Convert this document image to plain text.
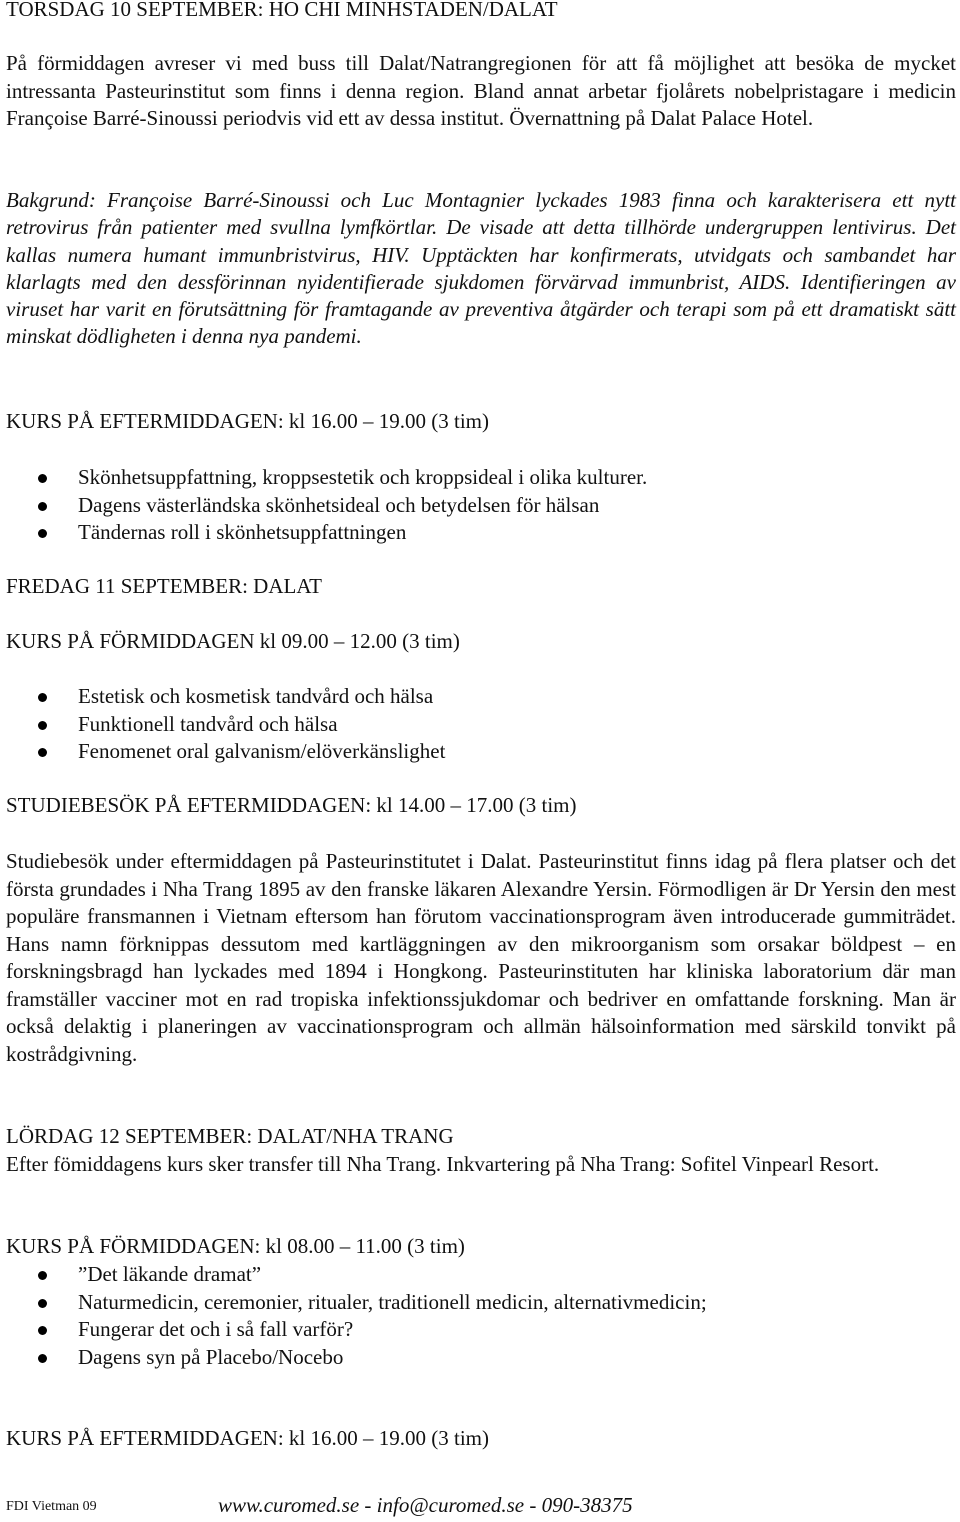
TORSDAG 10 SEPTEMBER: HO CHI MINHSTADEN/DALAT
På förmiddagen avreser vi med buss till Dalat/Natrangregionen för att få möjlighet att besöka de mycket intressanta Pasteurinstitut som finns i denna region. Bland annat arbetar fjolårets nobelpristagare i medicin Françoise Barré-Sinoussi periodvis vid ett av dessa institut. Övernattning på Dalat Palace Hotel.
Bakgrund: Françoise Barré-Sinoussi och Luc Montagnier lyckades 1983 finna och karakterisera ett nytt retrovirus från patienter med svullna lymfkörtlar. De visade att detta tillhörde undergruppen lentivirus. Det kallas numera humant immunbristvirus, HIV. Upptäckten har konfirmerats, utvidgats och sambandet har klarlagts med den dessförinnan nyidentifierade sjukdomen förvärvad immunbrist, AIDS. Identifieringen av viruset har varit en förutsättning för framtagande av preventiva åtgärder och terapi som på ett dramatiskt sätt minskat dödligheten i denna nya pandemi.
KURS PÅ EFTERMIDDAGEN: kl 16.00 – 19.00 (3 tim)
Skönhetsuppfattning, kroppsestetik och kroppsideal i olika kulturer.
Dagens västerländska skönhetsideal och betydelsen för hälsan
Tändernas roll i skönhetsuppfattningen
FREDAG 11 SEPTEMBER: DALAT
KURS PÅ FÖRMIDDAGEN kl 09.00 – 12.00 (3 tim)
Estetisk och kosmetisk tandvård och hälsa
Funktionell tandvård och hälsa
Fenomenet oral galvanism/elöverkänslighet
STUDIEBESÖK PÅ EFTERMIDDAGEN: kl 14.00 – 17.00 (3 tim)
Studiebesök under eftermiddagen på Pasteurinstitutet i Dalat. Pasteurinstitut finns idag på flera platser och det första grundades i Nha Trang 1895 av den franske läkaren Alexandre Yersin. Förmodligen är Dr Yersin den mest populäre fransmannen i Vietnam eftersom han förutom vaccinationsprogram även introducerade gummiträdet. Hans namn förknippas dessutom med kartläggningen av den mikroorganism som orsakar böldpest – en forskningsbragd han lyckades med 1894 i Hongkong. Pasteurinstituten har kliniska laboratorium där man framställer vacciner mot en rad tropiska infektionssjukdomar och bedriver en omfattande forskning. Man är också delaktig i planeringen av vaccinationsprogram och allmän hälsoinformation med särskild tonvikt på kostrådgivning.
LÖRDAG 12 SEPTEMBER: DALAT/NHA TRANG
Efter fömiddagens kurs sker transfer till Nha Trang. Inkvartering på Nha Trang: Sofitel Vinpearl Resort.
KURS PÅ FÖRMIDDAGEN: kl 08.00 – 11.00 (3 tim)
”Det läkande dramat”
Naturmedicin, ceremonier, ritualer, traditionell medicin, alternativmedicin;
Fungerar det och i så fall varför?
Dagens syn på Placebo/Nocebo
KURS PÅ EFTERMIDDAGEN: kl 16.00 – 19.00 (3 tim)
FDI Vietman 09	www.curomed.se - info@curomed.se - 090-38375
